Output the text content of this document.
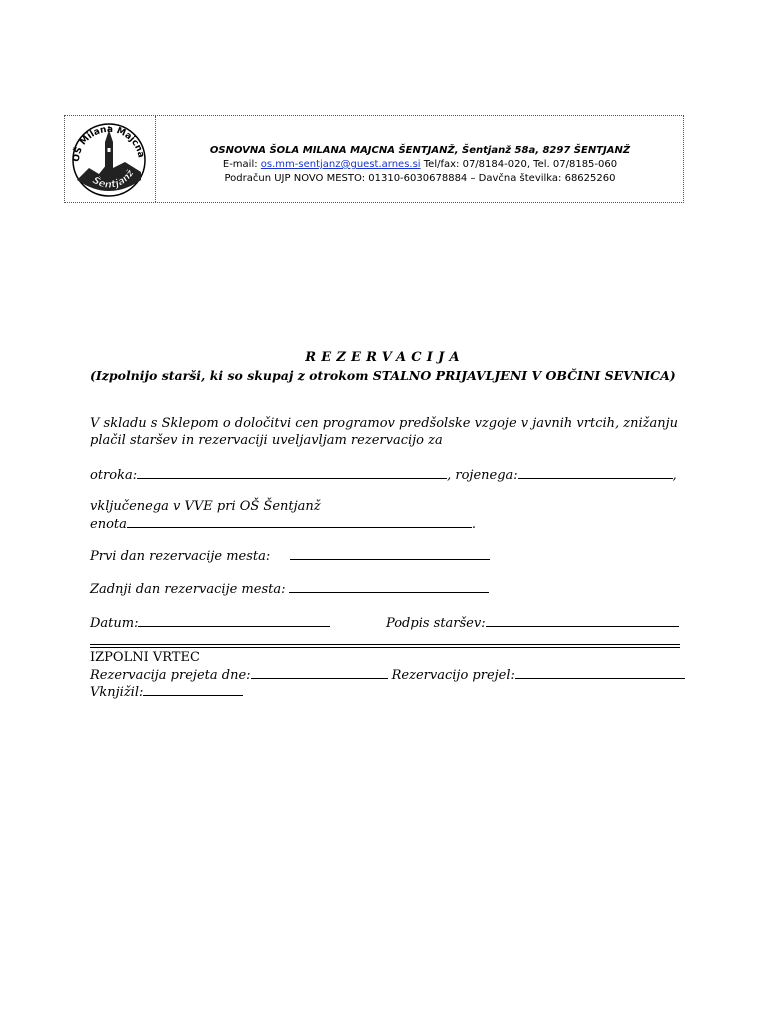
OŠ Milana Majcna
Šentjanž
OSNOVNA ŠOLA MILANA MAJCNA ŠENTJANŽ, Šentjanž 58a, 8297 ŠENTJANŽ
E-mail: os.mm-sentjanz@guest.arnes.si Tel/fax: 07/8184-020, Tel. 07/8185-060
Podračun UJP NOVO MESTO: 01310-6030678884 – Davčna številka: 68625260
REZERVACIJA
(Izpolnijo starši, ki so skupaj z otrokom STALNO PRIJAVLJENI V OBČINI SEVNICA)
V skladu s Sklepom o določitvi cen programov predšolske vzgoje v javnih vrtcih, znižanju
plačil staršev in rezervaciji uveljavljam rezervacijo za
otroka:	, rojenega:	,
vključenega v VVE pri OŠ Šentjanž
enota	.
Prvi dan rezervacije mesta:
Zadnji dan rezervacije mesta:
Datum:	Podpis staršev:
IZPOLNI VRTEC
Rezervacija prejeta dne:	Rezervacijo prejel:
Vknjižil:
